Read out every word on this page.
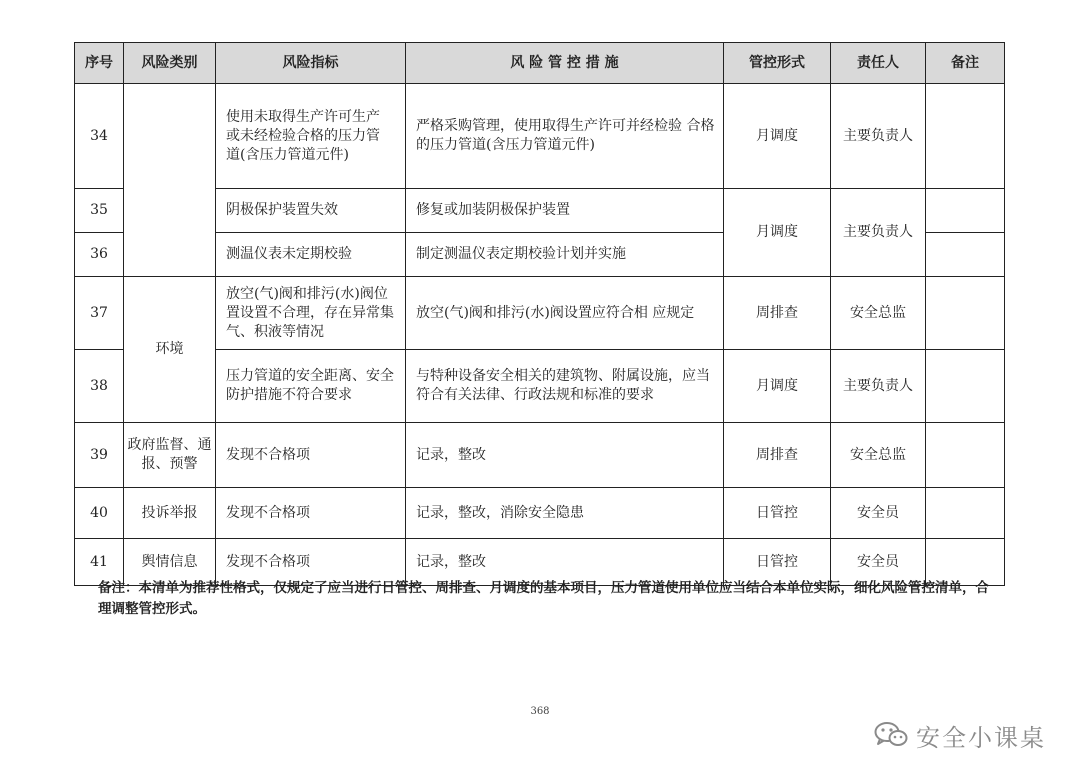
序号	风险类别	风险指标	风 险 管 控 措 施	管控形式	责任人	备注
34		使用未取得生产许可生产 或未经检验合格的压力管 道(含压力管道元件)	严格采购管理，使用取得生产许可并经检验 合格的压力管道(含压力管道元件)	月调度	主要负责人	
35		阴极保护装置失效	修复或加装阴极保护装置	月调度	主要负责人	
36		测温仪表未定期校验	制定测温仪表定期校验计划并实施			
37	环境	放空(气)阀和排污(水)阀位置设置不合理，存在异常集气、积液等情况	放空(气)阀和排污(水)阀设置应符合相 应规定	周排查	安全总监	
38		压力管道的安全距离、安全防护措施不符合要求	与特种设备安全相关的建筑物、附属设施，应当符合有关法律、行政法规和标准的要求	月调度	主要负责人	
39	政府监督、通报、预警	发现不合格项	记录，整改	周排查	安全总监	
40	投诉举报	发现不合格项	记录，整改，消除安全隐患	日管控	安全员	
41	舆情信息	发现不合格项	记录，整改	日管控	安全员	
备注：本清单为推荐性格式，仅规定了应当进行日管控、周排查、月调度的基本项目，压力管道使用单位应当结合本单位实际，细化风险管控清单，合理调整管控形式。
368
安全小课桌
